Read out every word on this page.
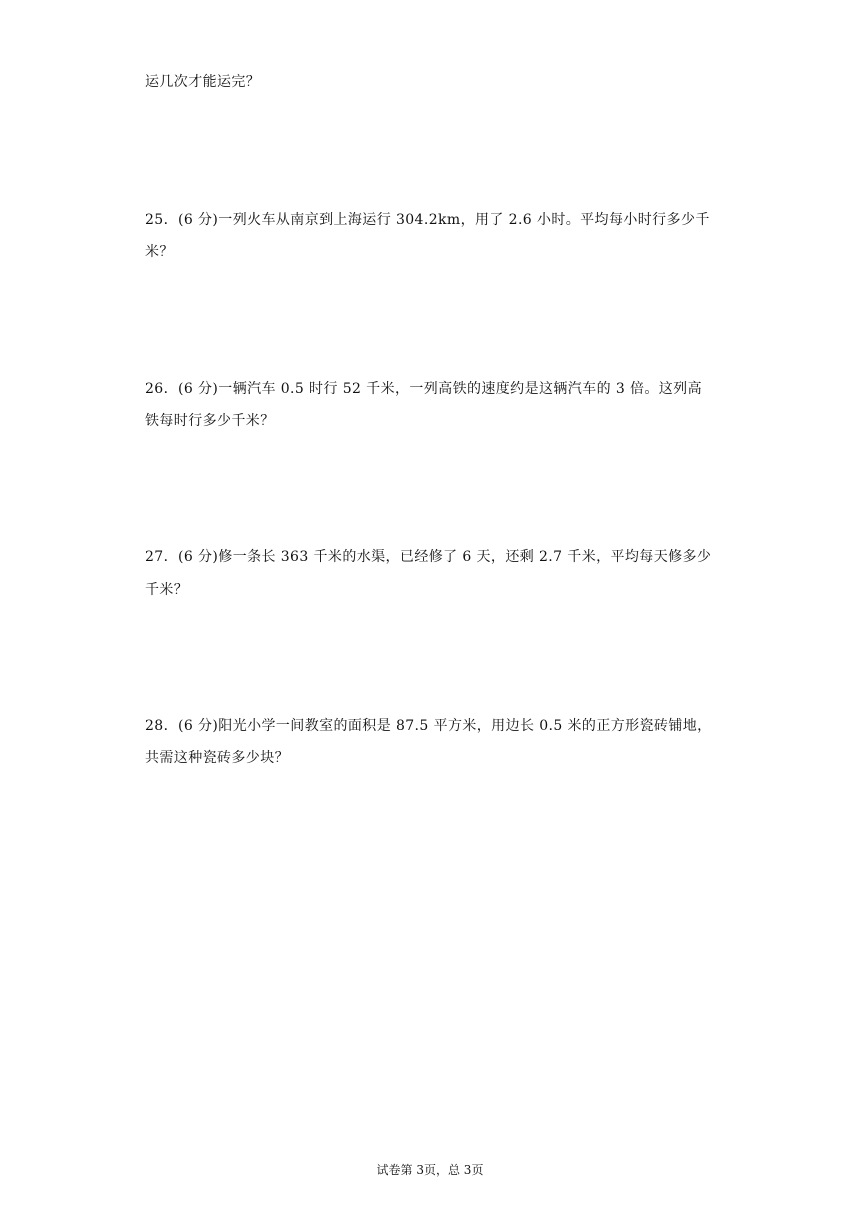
运几次才能运完？
25．(6 分)一列火车从南京到上海运行 304.2km，用了 2.6 小时。平均每小时行多少千
米？
26．(6 分)一辆汽车 0.5 时行 52 千米，一列高铁的速度约是这辆汽车的 3 倍。这列高
铁每时行多少千米？
27．(6 分)修一条长 363 千米的水渠，已经修了 6 天，还剩 2.7 千米，平均每天修多少
千米？
28．(6 分)阳光小学一间教室的面积是 87.5 平方米，用边长 0.5 米的正方形瓷砖铺地，
共需这种瓷砖多少块？
试卷第 3页，总 3页
